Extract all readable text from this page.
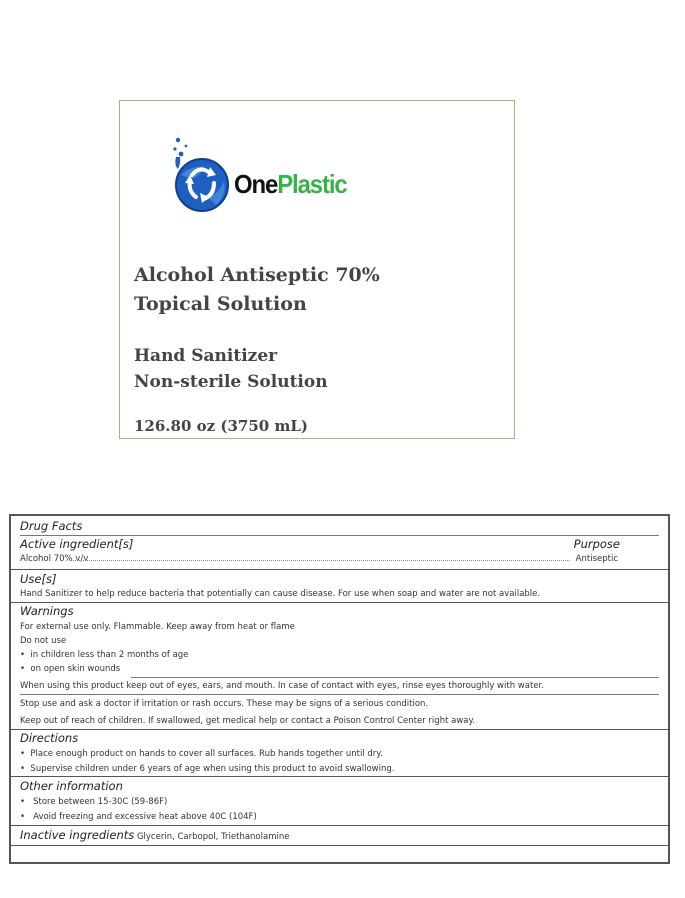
OnePlastic
Alcohol Antiseptic 70%
Topical Solution
Hand Sanitizer
Non-sterile Solution
126.80 oz (3750 mL)
Drug Facts
Active ingredient[s]	Purpose
Alcohol 70% v/v	Antiseptic
Use[s]
Hand Sanitizer to help reduce bacteria that potentially can cause disease. For use when soap and water are not available.
Warnings
For external use only. Flammable. Keep away from heat or flame
Do not use
•  in children less than 2 months of age
•  on open skin wounds
When using this product keep out of eyes, ears, and mouth. In case of contact with eyes, rinse eyes thoroughly with water.
Stop use and ask a doctor if irritation or rash occurs. These may be signs of a serious condition.
Keep out of reach of children. If swallowed, get medical help or contact a Poison Control Center right away.
Directions
•  Place enough product on hands to cover all surfaces. Rub hands together until dry.
•  Supervise children under 6 years of age when using this product to avoid swallowing.
Other information
•   Store between 15-30C (59-86F)
•   Avoid freezing and excessive heat above 40C (104F)
Inactive ingredients Glycerin, Carbopol, Triethanolamine
